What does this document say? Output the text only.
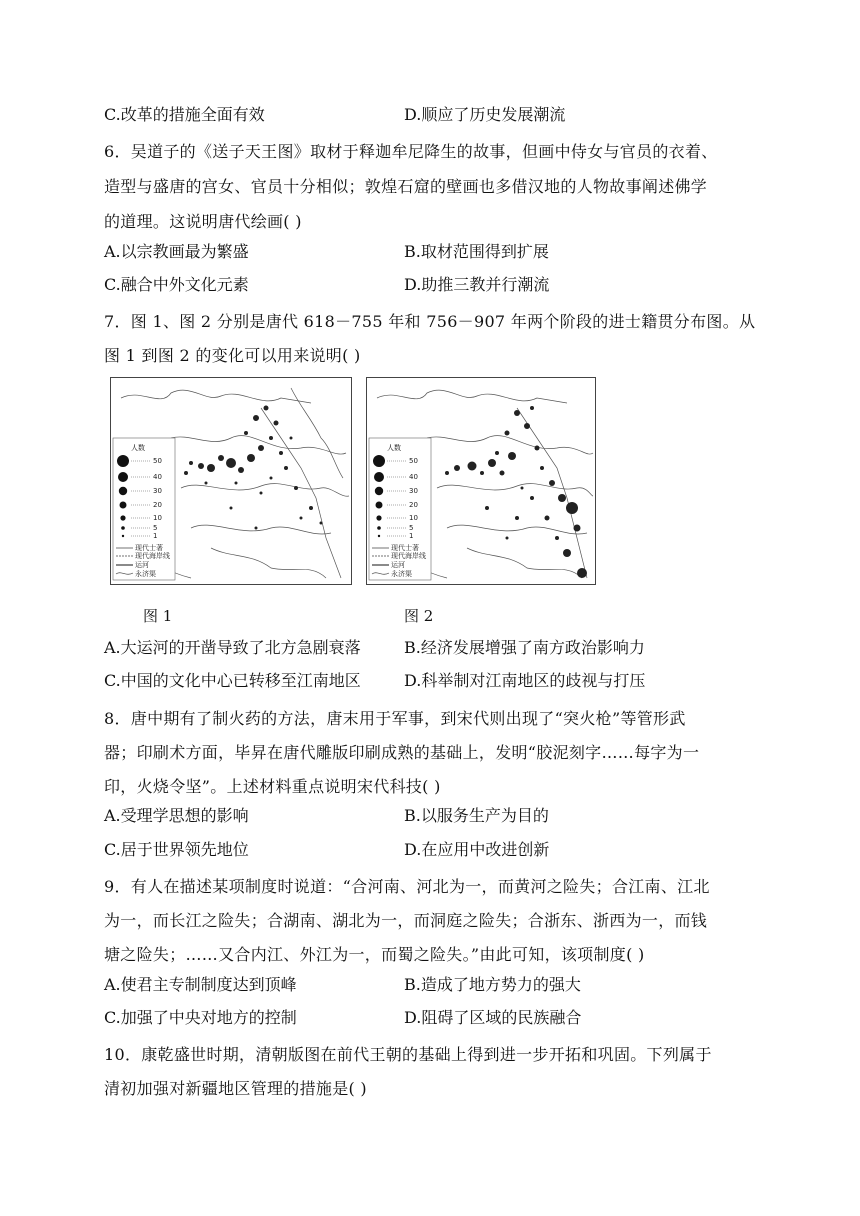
C.改革的措施全面有效	D.顺应了历史发展潮流
6．吴道子的《送子天王图》取材于释迦牟尼降生的故事，但画中侍女与官员的衣着、
造型与盛唐的宫女、官员十分相似；敦煌石窟的壁画也多借汉地的人物故事阐述佛学
的道理。这说明唐代绘画( )
A.以宗教画最为繁盛	B.取材范围得到扩展
C.融合中外文化元素	D.助推三教并行潮流
7．图 1、图 2 分别是唐代 618－755 年和 756－907 年两个阶段的进士籍贯分布图。从
图 1 到图 2 的变化可以用来说明( )
人数
50
40
30
20
10
5
1
现代士著
现代海岸线
运河
永济渠
人数
50
40
30
20
10
5
1
现代士著
现代海岸线
运河
永济渠
图 1	图 2
A.大运河的开凿导致了北方急剧衰落	B.经济发展增强了南方政治影响力
C.中国的文化中心已转移至江南地区	D.科举制对江南地区的歧视与打压
8．唐中期有了制火药的方法，唐末用于军事，到宋代则出现了“突火枪”等管形武
器；印刷术方面，毕昇在唐代雕版印刷成熟的基础上，发明“胶泥刻字……每字为一
印，火烧令坚”。上述材料重点说明宋代科技( )
A.受理学思想的影响	B.以服务生产为目的
C.居于世界领先地位	D.在应用中改进创新
9．有人在描述某项制度时说道：“合河南、河北为一，而黄河之险失；合江南、江北
为一，而长江之险失；合湖南、湖北为一，而洞庭之险失；合浙东、浙西为一，而钱
塘之险失；……又合内江、外江为一，而蜀之险失。”由此可知，该项制度( )
A.使君主专制制度达到顶峰	B.造成了地方势力的强大
C.加强了中央对地方的控制	D.阻碍了区域的民族融合
10．康乾盛世时期，清朝版图在前代王朝的基础上得到进一步开拓和巩固。下列属于
清初加强对新疆地区管理的措施是( )
